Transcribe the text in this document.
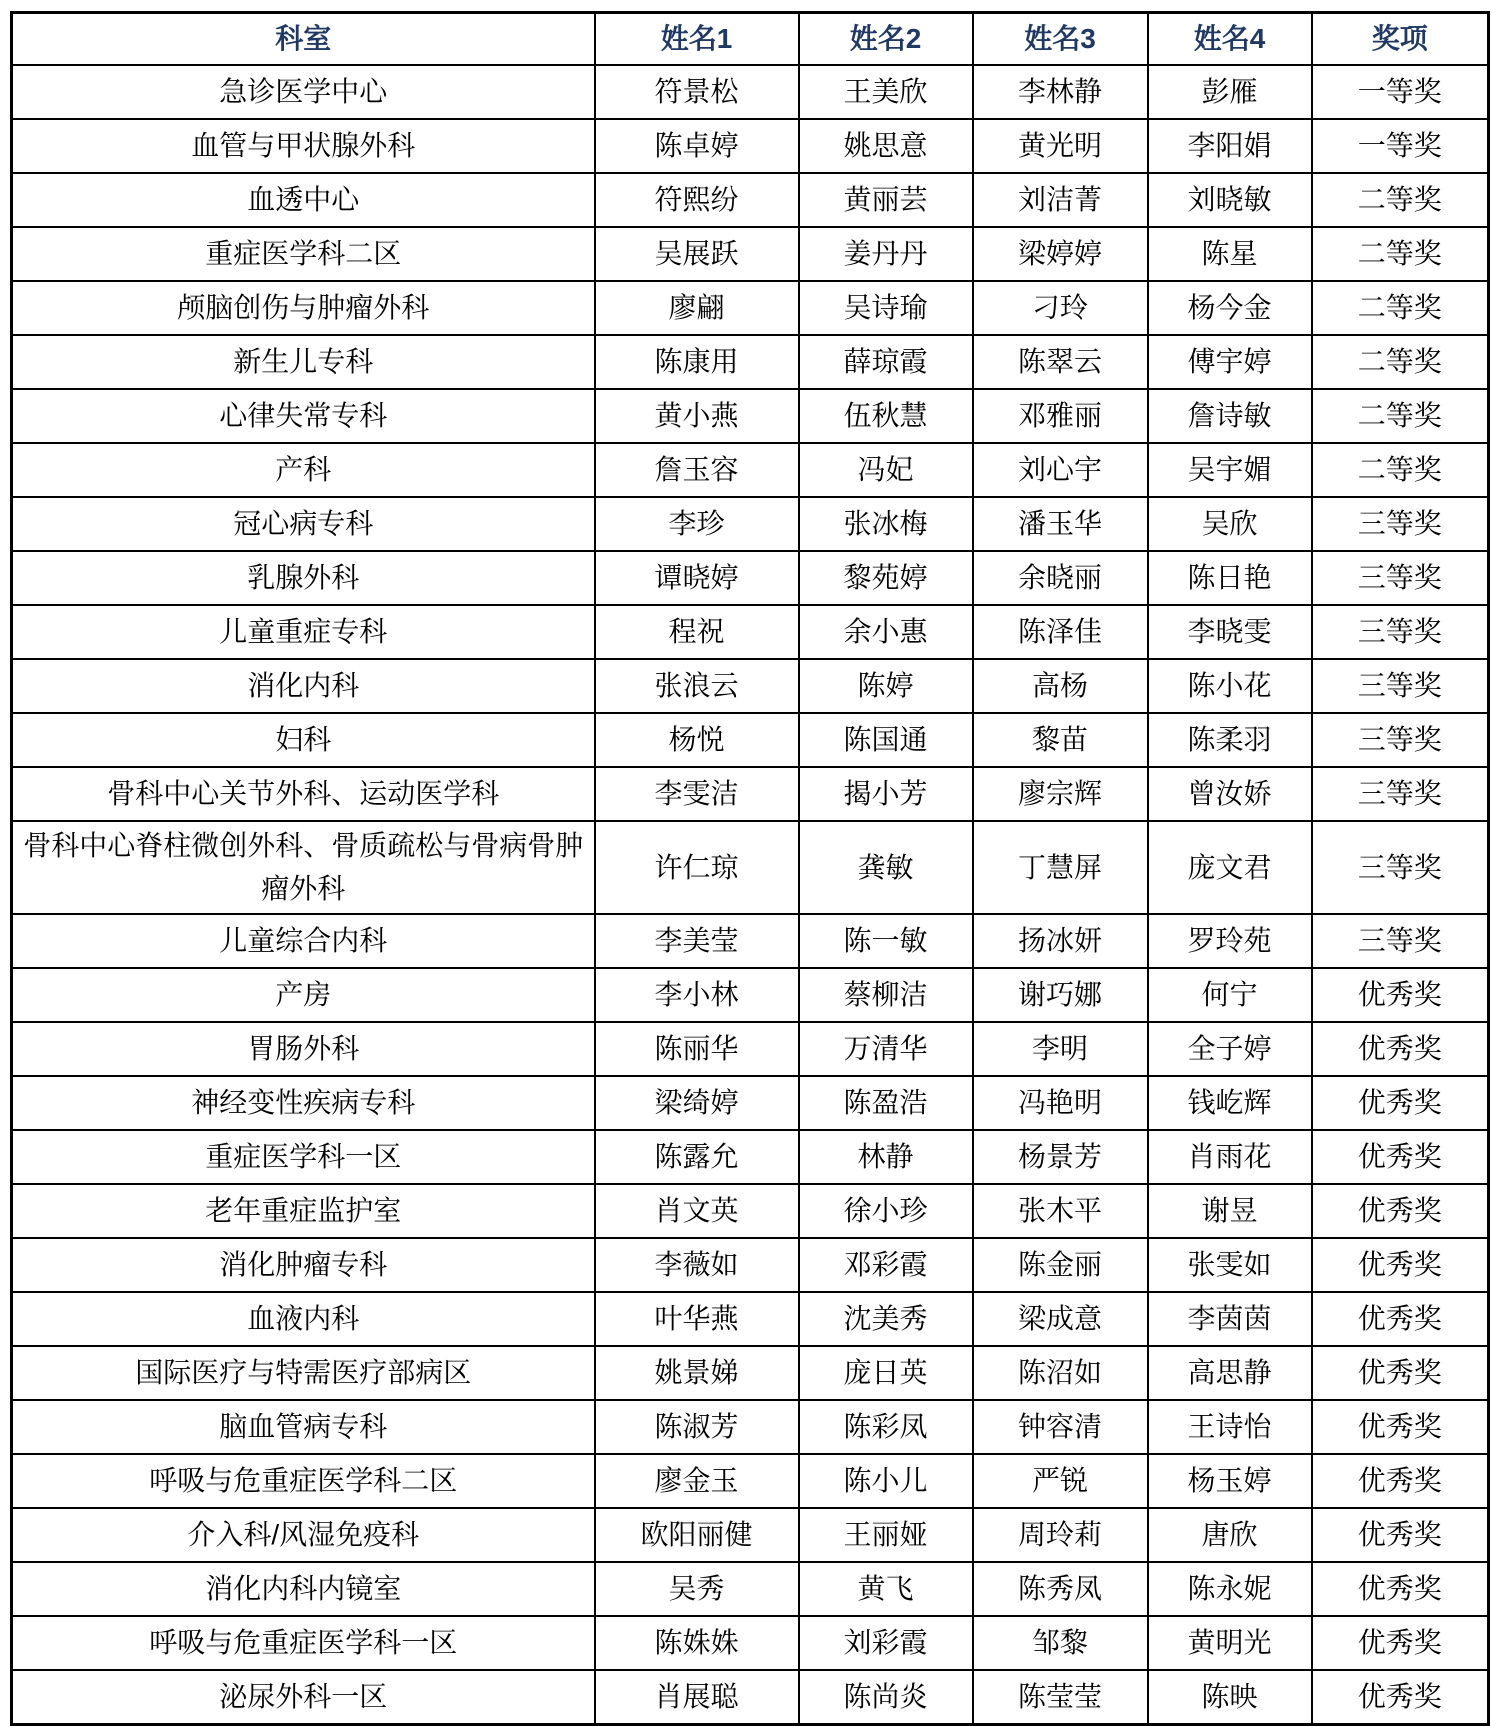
科室	姓名1	姓名2	姓名3	姓名4	奖项
急诊医学中心	符景松	王美欣	李林静	彭雁	一等奖
血管与甲状腺外科	陈卓婷	姚思意	黄光明	李阳娟	一等奖
血透中心	符熙纷	黄丽芸	刘洁菁	刘晓敏	二等奖
重症医学科二区	吴展跃	姜丹丹	梁婷婷	陈星	二等奖
颅脑创伤与肿瘤外科	廖翩	吴诗瑜	刁玲	杨今金	二等奖
新生儿专科	陈康用	薛琼霞	陈翠云	傅宇婷	二等奖
心律失常专科	黄小燕	伍秋慧	邓雅丽	詹诗敏	二等奖
产科	詹玉容	冯妃	刘心宇	吴宇媚	二等奖
冠心病专科	李珍	张冰梅	潘玉华	吴欣	三等奖
乳腺外科	谭晓婷	黎苑婷	余晓丽	陈日艳	三等奖
儿童重症专科	程祝	余小惠	陈泽佳	李晓雯	三等奖
消化内科	张浪云	陈婷	高杨	陈小花	三等奖
妇科	杨悦	陈国通	黎苗	陈柔羽	三等奖
骨科中心关节外科、运动医学科	李雯洁	揭小芳	廖宗辉	曾汝娇	三等奖
骨科中心脊柱微创外科、骨质疏松与骨病骨肿瘤外科	许仁琼	龚敏	丁慧屏	庞文君	三等奖
儿童综合内科	李美莹	陈一敏	扬冰妍	罗玲苑	三等奖
产房	李小林	蔡柳洁	谢巧娜	何宁	优秀奖
胃肠外科	陈丽华	万清华	李明	全子婷	优秀奖
神经变性疾病专科	梁绮婷	陈盈浩	冯艳明	钱屹辉	优秀奖
重症医学科一区	陈露允	林静	杨景芳	肖雨花	优秀奖
老年重症监护室	肖文英	徐小珍	张木平	谢昱	优秀奖
消化肿瘤专科	李薇如	邓彩霞	陈金丽	张雯如	优秀奖
血液内科	叶华燕	沈美秀	梁成意	李茵茵	优秀奖
国际医疗与特需医疗部病区	姚景娣	庞日英	陈沼如	高思静	优秀奖
脑血管病专科	陈淑芳	陈彩凤	钟容清	王诗怡	优秀奖
呼吸与危重症医学科二区	廖金玉	陈小儿	严锐	杨玉婷	优秀奖
介入科/风湿免疫科	欧阳丽健	王丽娅	周玲莉	唐欣	优秀奖
消化内科内镜室	吴秀	黄飞	陈秀凤	陈永妮	优秀奖
呼吸与危重症医学科一区	陈姝姝	刘彩霞	邹黎	黄明光	优秀奖
泌尿外科一区	肖展聪	陈尚炎	陈莹莹	陈映	优秀奖
